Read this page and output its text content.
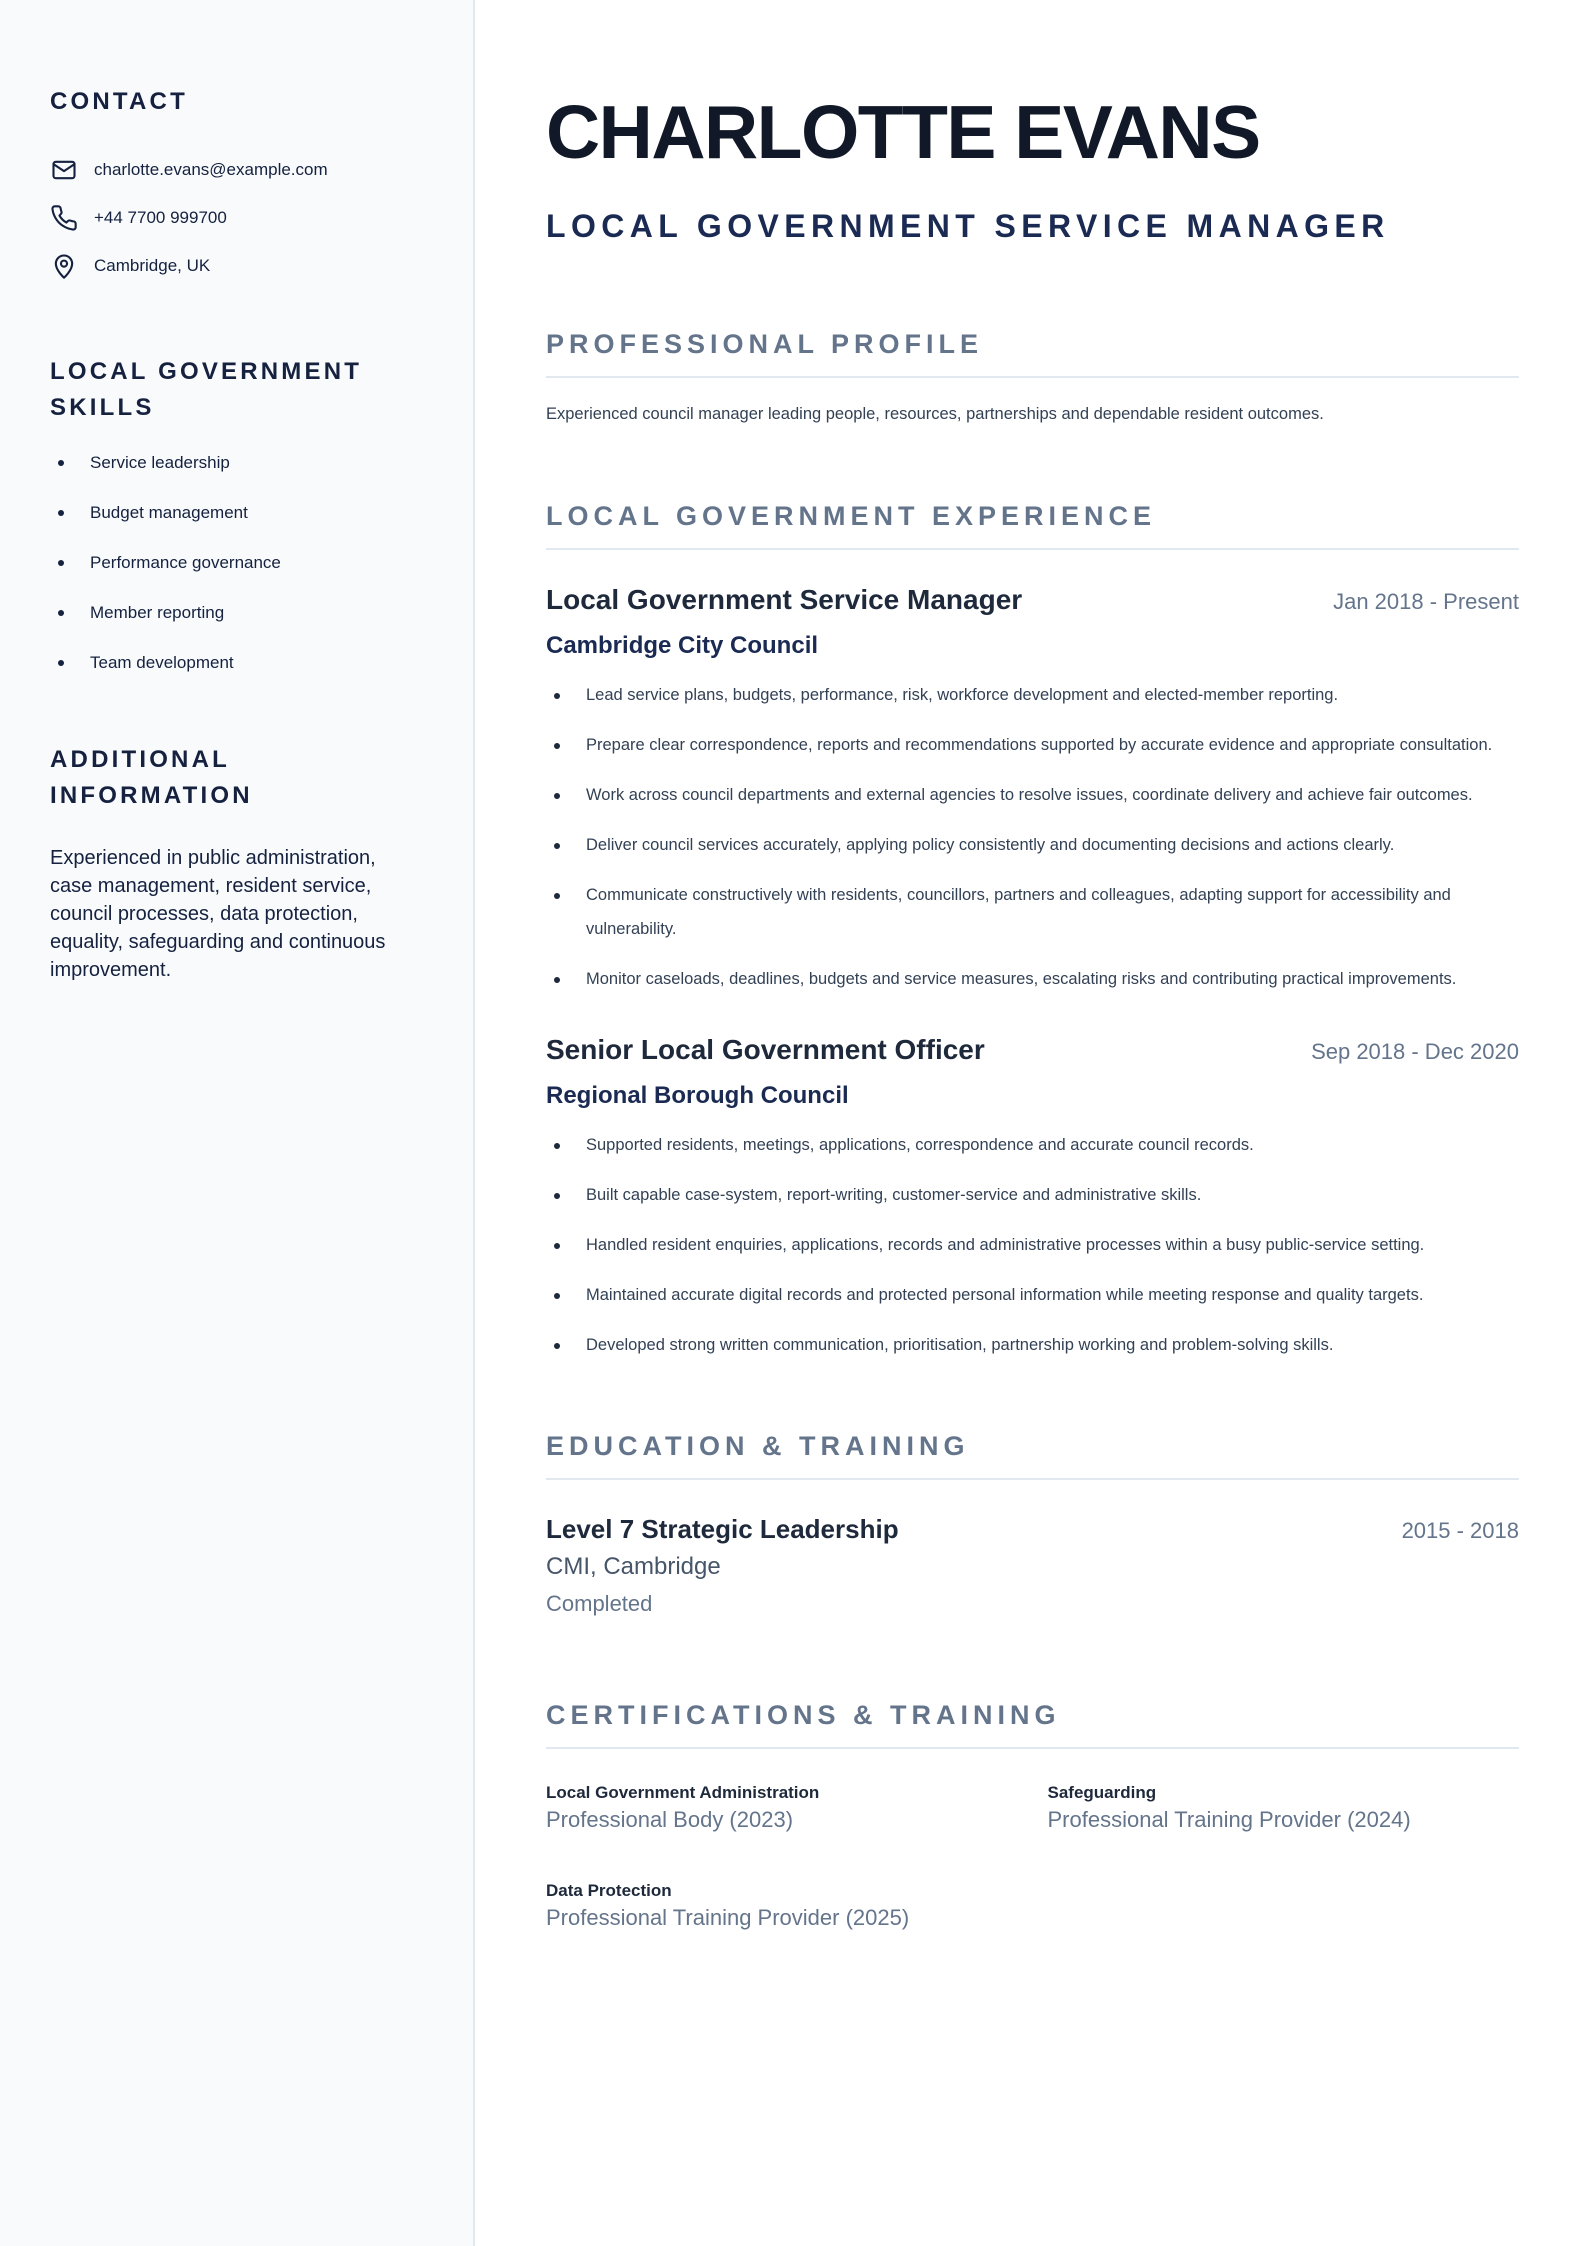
CONTACT
charlotte.evans@example.com
+44 7700 999700
Cambridge, UK
LOCAL GOVERNMENT SKILLS
Service leadership
Budget management
Performance governance
Member reporting
Team development
ADDITIONAL INFORMATION

Experienced in public administration, case management, resident service, council processes, data protection, equality, safeguarding and continuous improvement.

CHARLOTTE EVANS
LOCAL GOVERNMENT SERVICE MANAGER
PROFESSIONAL PROFILE

Experienced council manager leading people, resources, partnerships and dependable resident outcomes.

LOCAL GOVERNMENT EXPERIENCE
Local Government Service Manager	Jan 2018 - Present
Cambridge City Council
Lead service plans, budgets, performance, risk, workforce development and elected-member reporting.
Prepare clear correspondence, reports and recommendations supported by accurate evidence and appropriate consultation.
Work across council departments and external agencies to resolve issues, coordinate delivery and achieve fair outcomes.
Deliver council services accurately, applying policy consistently and documenting decisions and actions clearly.
Communicate constructively with residents, councillors, partners and colleagues, adapting support for accessibility and vulnerability.
Monitor caseloads, deadlines, budgets and service measures, escalating risks and contributing practical improvements.
Senior Local Government Officer	Sep 2018 - Dec 2020
Regional Borough Council
Supported residents, meetings, applications, correspondence and accurate council records.
Built capable case-system, report-writing, customer-service and administrative skills.
Handled resident enquiries, applications, records and administrative processes within a busy public-service setting.
Maintained accurate digital records and protected personal information while meeting response and quality targets.
Developed strong written communication, prioritisation, partnership working and problem-solving skills.
EDUCATION & TRAINING
Level 7 Strategic Leadership	2015 - 2018
CMI, Cambridge
Completed
CERTIFICATIONS & TRAINING
Local Government Administration
Professional Body (2023)
Safeguarding
Professional Training Provider (2024)
Data Protection
Professional Training Provider (2025)
